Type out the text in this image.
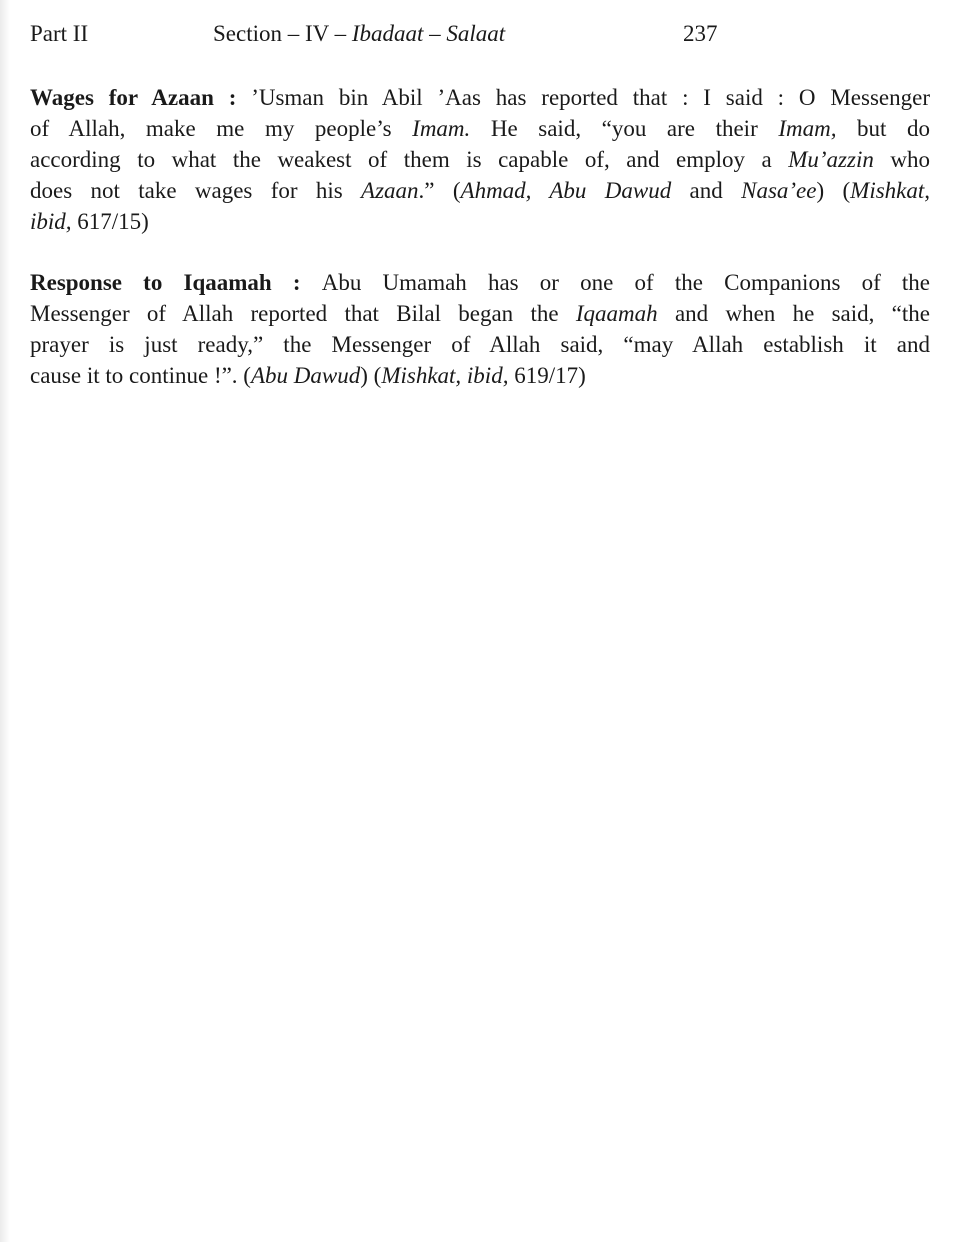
Part II	Section – IV – Ibadaat – Salaat	237
Wages for Azaan : ’Usman bin Abil ’Aas has reported that : I said : O Messenger
of Allah, make me my people’s Imam. He said, “you are their Imam, but do
according to what the weakest of them is capable of, and employ a Mu’azzin who
does not take wages for his Azaan.” (Ahmad, Abu Dawud and Nasa’ee) (Mishkat,
ibid, 617/15)
Response to Iqaamah : Abu Umamah has or one of the Companions of the
Messenger of Allah reported that Bilal began the Iqaamah and when he said, “the
prayer is just ready,” the Messenger of Allah said, “may Allah establish it and
cause it to continue !”. (Abu Dawud) (Mishkat, ibid, 619/17)
